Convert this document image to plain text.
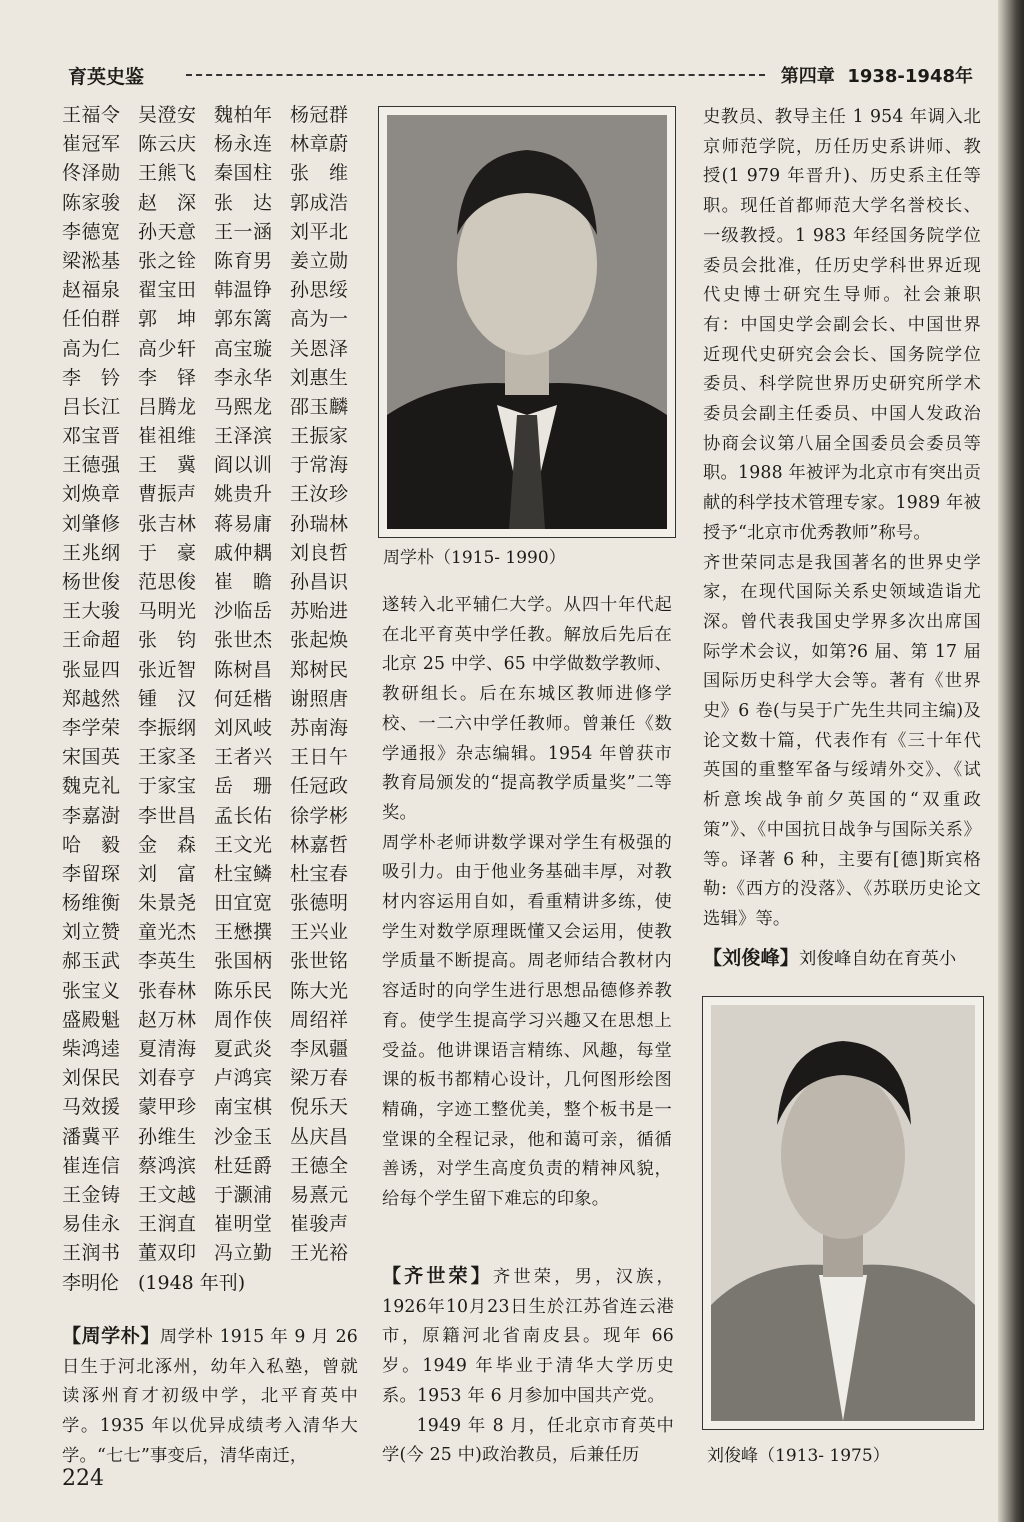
育英史鉴	第四章 1938-1948年
王福令 吴澄安 魏柏年 杨冠群
崔冠军 陈云庆 杨永连 林章蔚
佟泽勋 王熊飞 秦国柱 张　维
陈家骏 赵　深 张　达 郭成浩
李德宽 孙天意 王一涵 刘平北
梁淞基 张之铨 陈育男 姜立勋
赵福泉 翟宝田 韩温铮 孙思绥
任伯群 郭　坤 郭东篱 高为一
高为仁 高少轩 高宝璇 关恩泽
李　钤 李　铎 李永华 刘惠生
吕长江 吕腾龙 马熙龙 邵玉麟
邓宝晋 崔祖维 王泽滨 王振家
王德强 王　冀 阎以训 于常海
刘焕章 曹振声 姚贵升 王汝珍
刘肇修 张吉林 蒋易庸 孙瑞林
王兆纲 于　豪 戚仲耦 刘良哲
杨世俊 范思俊 崔　瞻 孙昌识
王大骏 马明光 沙临岳 苏贻进
王命超 张　钧 张世杰 张起焕
张显四 张近智 陈树昌 郑树民
郑越然 锺　汉 何廷楷 谢照唐
李学荣 李振纲 刘风岐 苏南海
宋国英 王家圣 王者兴 王日午
魏克礼 于家宝 岳　珊 任冠政
李嘉澍 李世昌 孟长佑 徐学彬
哈　毅 金　森 王文光 林嘉哲
李留琛 刘　富 杜宝鳞 杜宝春
杨维衡 朱景尧 田宜宽 张德明
刘立赞 童光杰 王懋撰 王兴业
郝玉武 李英生 张国柄 张世铭
张宝义 张春林 陈乐民 陈大光
盛殿魁 赵万林 周作侠 周绍祥
柴鸿逵 夏清海 夏武炎 李凤疆
刘保民 刘春亨 卢鸿宾 梁万春
马效援 蒙甲珍 南宝棋 倪乐天
潘冀平 孙维生 沙金玉 丛庆昌
崔连信 蔡鸿滨 杜廷爵 王德全
王金铸 王文越 于灏浦 易熹元
易佳永 王润直 崔明堂 崔骏声
王润书 董双印 冯立勤 王光裕
李明伦 (1948 年刊)
【周学朴】周学朴 1915 年 9 月 26 日生于河北涿州，幼年入私塾，曾就读涿州育才初级中学，北平育英中学。1935 年以优异成绩考入清华大学。“七七”事变后，清华南迁，
周学朴（1915- 1990）
遂转入北平辅仁大学。从四十年代起在北平育英中学任教。解放后先后在北京 25 中学、65 中学做数学教师、教研组长。后在东城区教师进修学校、一二六中学任教师。曾兼任《数学通报》杂志编辑。1954 年曾获市教育局颁发的“提高教学质量奖”二等奖。
周学朴老师讲数学课对学生有极强的吸引力。由于他业务基础丰厚，对教材内容运用自如，看重精讲多练，使学生对数学原理既懂又会运用，使教学质量不断提高。周老师结合教材内容适时的向学生进行思想品德修养教育。使学生提高学习兴趣又在思想上受益。他讲课语言精练、风趣，每堂课的板书都精心设计，几何图形绘图精确，字迹工整优美，整个板书是一堂课的全程记录，他和蔼可亲，循循善诱，对学生高度负责的精神风貌，给每个学生留下难忘的印象。
【齐世荣】齐世荣，男，汉族，1926年10月23日生於江苏省连云港市，原籍河北省南皮县。现年 66 岁。1949 年毕业于清华大学历史系。1953 年 6 月参加中国共产党。
1949 年 8 月，任北京市育英中学(今 25 中)政治教员，后兼任历
史教员、教导主任 1 954 年调入北京师范学院，历任历史系讲师、教授(1 979 年晋升)、历史系主任等职。现任首都师范大学名誉校长、一级教授。1 983 年经国务院学位委员会批准，任历史学科世界近现代史博士研究生导师。社会兼职有：中国史学会副会长、中国世界近现代史研究会会长、国务院学位委员、科学院世界历史研究所学术委员会副主任委员、中国人发政治协商会议第八届全国委员会委员等职。1988 年被评为北京市有突出贡献的科学技术管理专家。1989 年被授予“北京市优秀教师”称号。
齐世荣同志是我国著名的世界史学家，在现代国际关系史领域造诣尤深。曾代表我国史学界多次出席国际学术会议，如第?6 届、第 17 届国际历史科学大会等。著有《世界史》6 卷(与吴于广先生共同主编)及论文数十篇，代表作有《三十年代英国的重整军备与绥靖外交》、《试析意埃战争前夕英国的“双重政策”》、《中国抗日战争与国际关系》等。译著 6 种，主要有[德]斯宾格勒:《西方的没落》、《苏联历史论文选辑》等。
【刘俊峰】刘俊峰自幼在育英小
刘俊峰（1913- 1975）
224
